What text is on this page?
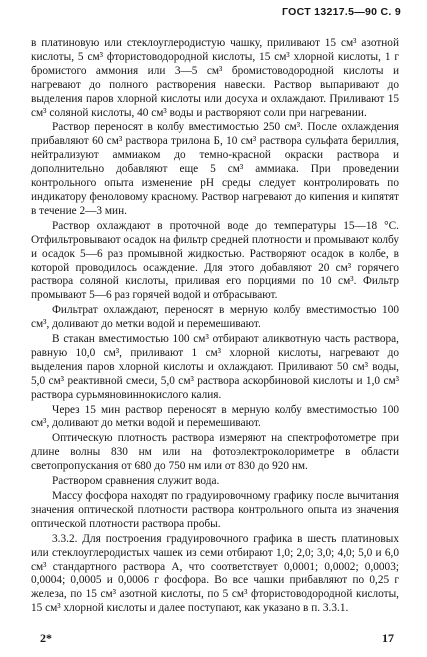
ГОСТ 13217.5—90 С. 9

в платиновую или стеклоуглеродистую чашку, приливают 15 см³ азотной кислоты, 5 см³ фтористоводородной кислоты, 15 см³ хлорной кислоты, 1 г бромистого аммония или 3—5 см³ бромистоводородной кислоты и нагревают до полного растворения навески. Раствор выпаривают до выделения паров хлорной кислоты или досуха и охлаждают. Приливают 15 см³ соляной кислоты, 40 см³ воды и растворяют соли при нагревании.

Раствор переносят в колбу вместимостью 250 см³. После охлаждения прибавляют 60 см³ раствора трилона Б, 10 см³ раствора сульфата бериллия, нейтрализуют аммиаком до темно-красной окраски раствора и дополнительно добавляют еще 5 см³ аммиака. При проведении контрольного опыта изменение pH среды следует контролировать по индикатору феноловому красному. Раствор нагревают до кипения и кипятят в течение 2—3 мин.

Раствор охлаждают в проточной воде до температуры 15—18 °С. Отфильтровывают осадок на фильтр средней плотности и промывают колбу и осадок 5—6 раз промывной жидкостью. Растворяют осадок в колбе, в которой проводилось осаждение. Для этого добавляют 20 см³ горячего раствора соляной кислоты, приливая его порциями по 10 см³. Фильтр промывают 5—6 раз горячей водой и отбрасывают.

Фильтрат охлаждают, переносят в мерную колбу вместимостью 100 см³, доливают до метки водой и перемешивают.

В стакан вместимостью 100 см³ отбирают аликвотную часть раствора, равную 10,0 см³, приливают 1 см³ хлорной кислоты, нагревают до выделения паров хлорной кислоты и охлаждают. Приливают 50 см³ воды, 5,0 см³ реактивной смеси, 5,0 см³ раствора аскорбиновой кислоты и 1,0 см³ раствора сурьмяновиннокислого калия.

Через 15 мин раствор переносят в мерную колбу вместимостью 100 см³, доливают до метки водой и перемешивают.

Оптическую плотность раствора измеряют на спектрофотометре при длине волны 830 нм или на фотоэлектроколориметре в области светопропускания от 680 до 750 нм или от 830 до 920 нм.

Раствором сравнения служит вода.

Массу фосфора находят по градуировочному графику после вычитания значения оптической плотности раствора контрольного опыта из значения оптической плотности раствора пробы.

3.3.2. Для построения градуировочного графика в шесть платиновых или стеклоуглеродистых чашек из семи отбирают 1,0; 2,0; 3,0; 4,0; 5,0 и 6,0 см³ стандартного раствора А, что соответствует 0,0001; 0,0002; 0,0003; 0,0004; 0,0005 и 0,0006 г фосфора. Во все чашки прибавляют по 0,25 г железа, по 15 см³ азотной кислоты, по 5 см³ фтористоводородной кислоты, 15 см³ хлорной кислоты и далее поступают, как указано в п. 3.3.1.

2*	17
